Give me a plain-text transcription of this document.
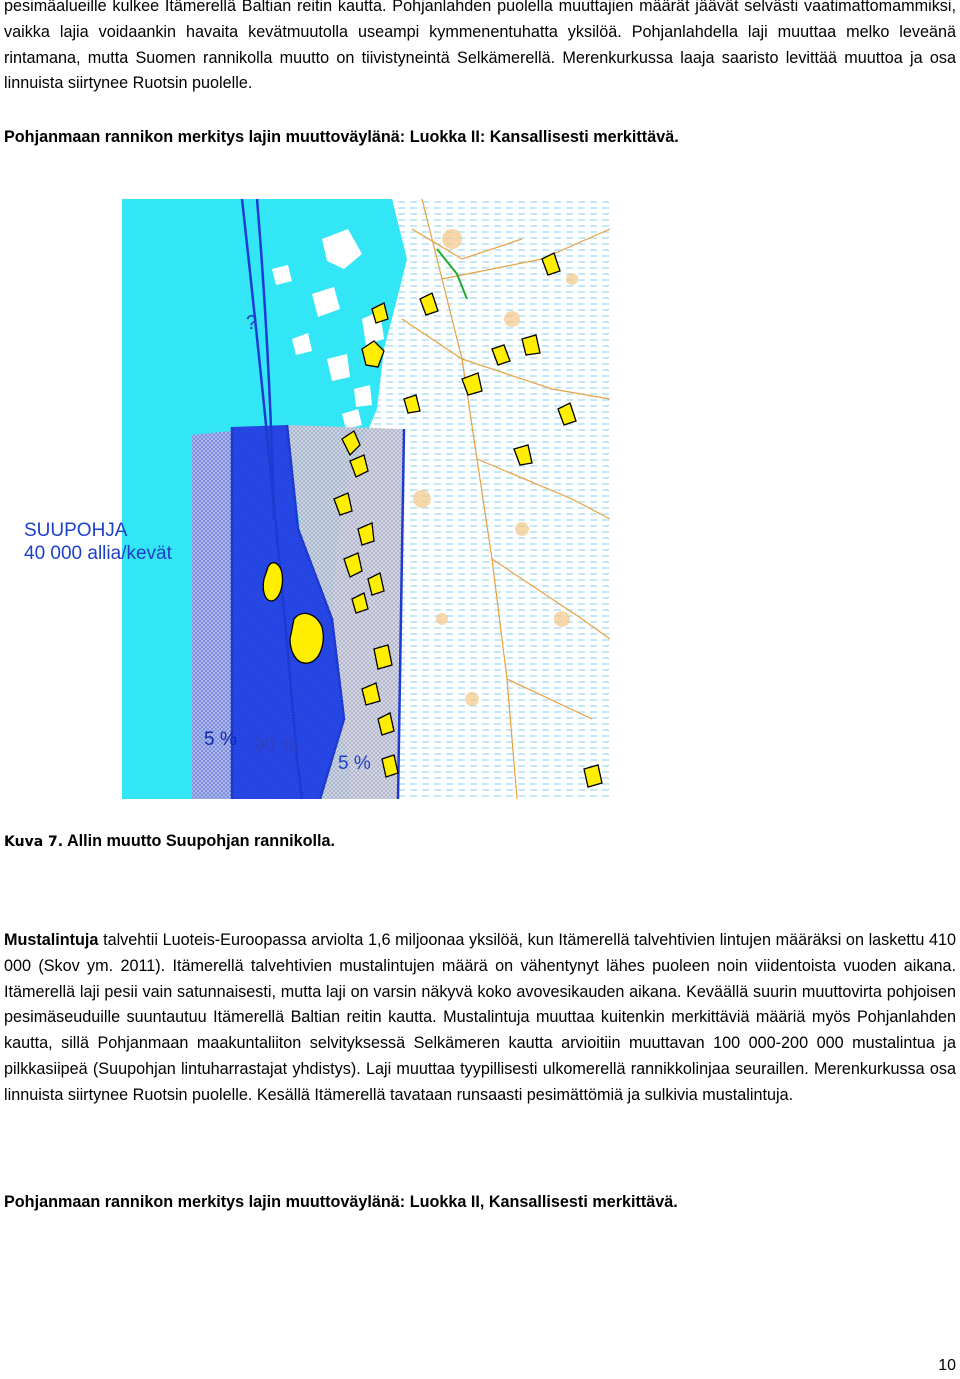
pesimäalueille kulkee Itämerellä Baltian reitin kautta. Pohjanlahden puolella muuttajien määrät jäävät selvästi vaatimattomammiksi, vaikka lajia voidaankin havaita kevätmuutolla useampi kymmenentuhatta yksilöä. Pohjanlahdella laji muuttaa melko leveänä rintamana, mutta Suomen rannikolla muutto on tiivistyneintä Selkämerellä. Merenkurkussa laaja saaristo levittää muuttoa ja osa linnuista siirtynee Ruotsin puolelle.

Pohjanmaan rannikon merkitys lajin muuttoväylänä: Luokka II: Kansallisesti merkittävä.

?
5 % 90 %
5 %
SUUPOHJA
40 000 allia/kevät
Kuva 7. Allin muutto Suupohjan rannikolla.

Mustalintuja talvehtii Luoteis-Euroopassa arviolta 1,6 miljoonaa yksilöä, kun Itämerellä talvehtivien lintujen määräksi on laskettu 410 000 (Skov ym. 2011). Itämerellä talvehtivien mustalintujen määrä on vähentynyt lähes puoleen noin viidentoista vuoden aikana. Itämerellä laji pesii vain satunnaisesti, mutta laji on varsin näkyvä koko avovesikauden aikana. Keväällä suurin muuttovirta pohjoisen pesimäseuduille suuntautuu Itämerellä Baltian reitin kautta. Mustalintuja muuttaa kuitenkin merkittäviä määriä myös Pohjanlahden kautta, sillä Pohjanmaan maakuntaliiton selvityksessä Selkämeren kautta arvioitiin muuttavan 100 000-200 000 mustalintua ja pilkkasiipeä (Suupohjan lintuharrastajat yhdistys). Laji muuttaa tyypillisesti ulkomerellä rannikkolinjaa seuraillen. Merenkurkussa osa linnuista siirtynee Ruotsin puolelle. Kesällä Itämerellä tavataan runsaasti pesimättömiä ja sulkivia mustalintuja.

Pohjanmaan rannikon merkitys lajin muuttoväylänä: Luokka II, Kansallisesti merkittävä.

10
